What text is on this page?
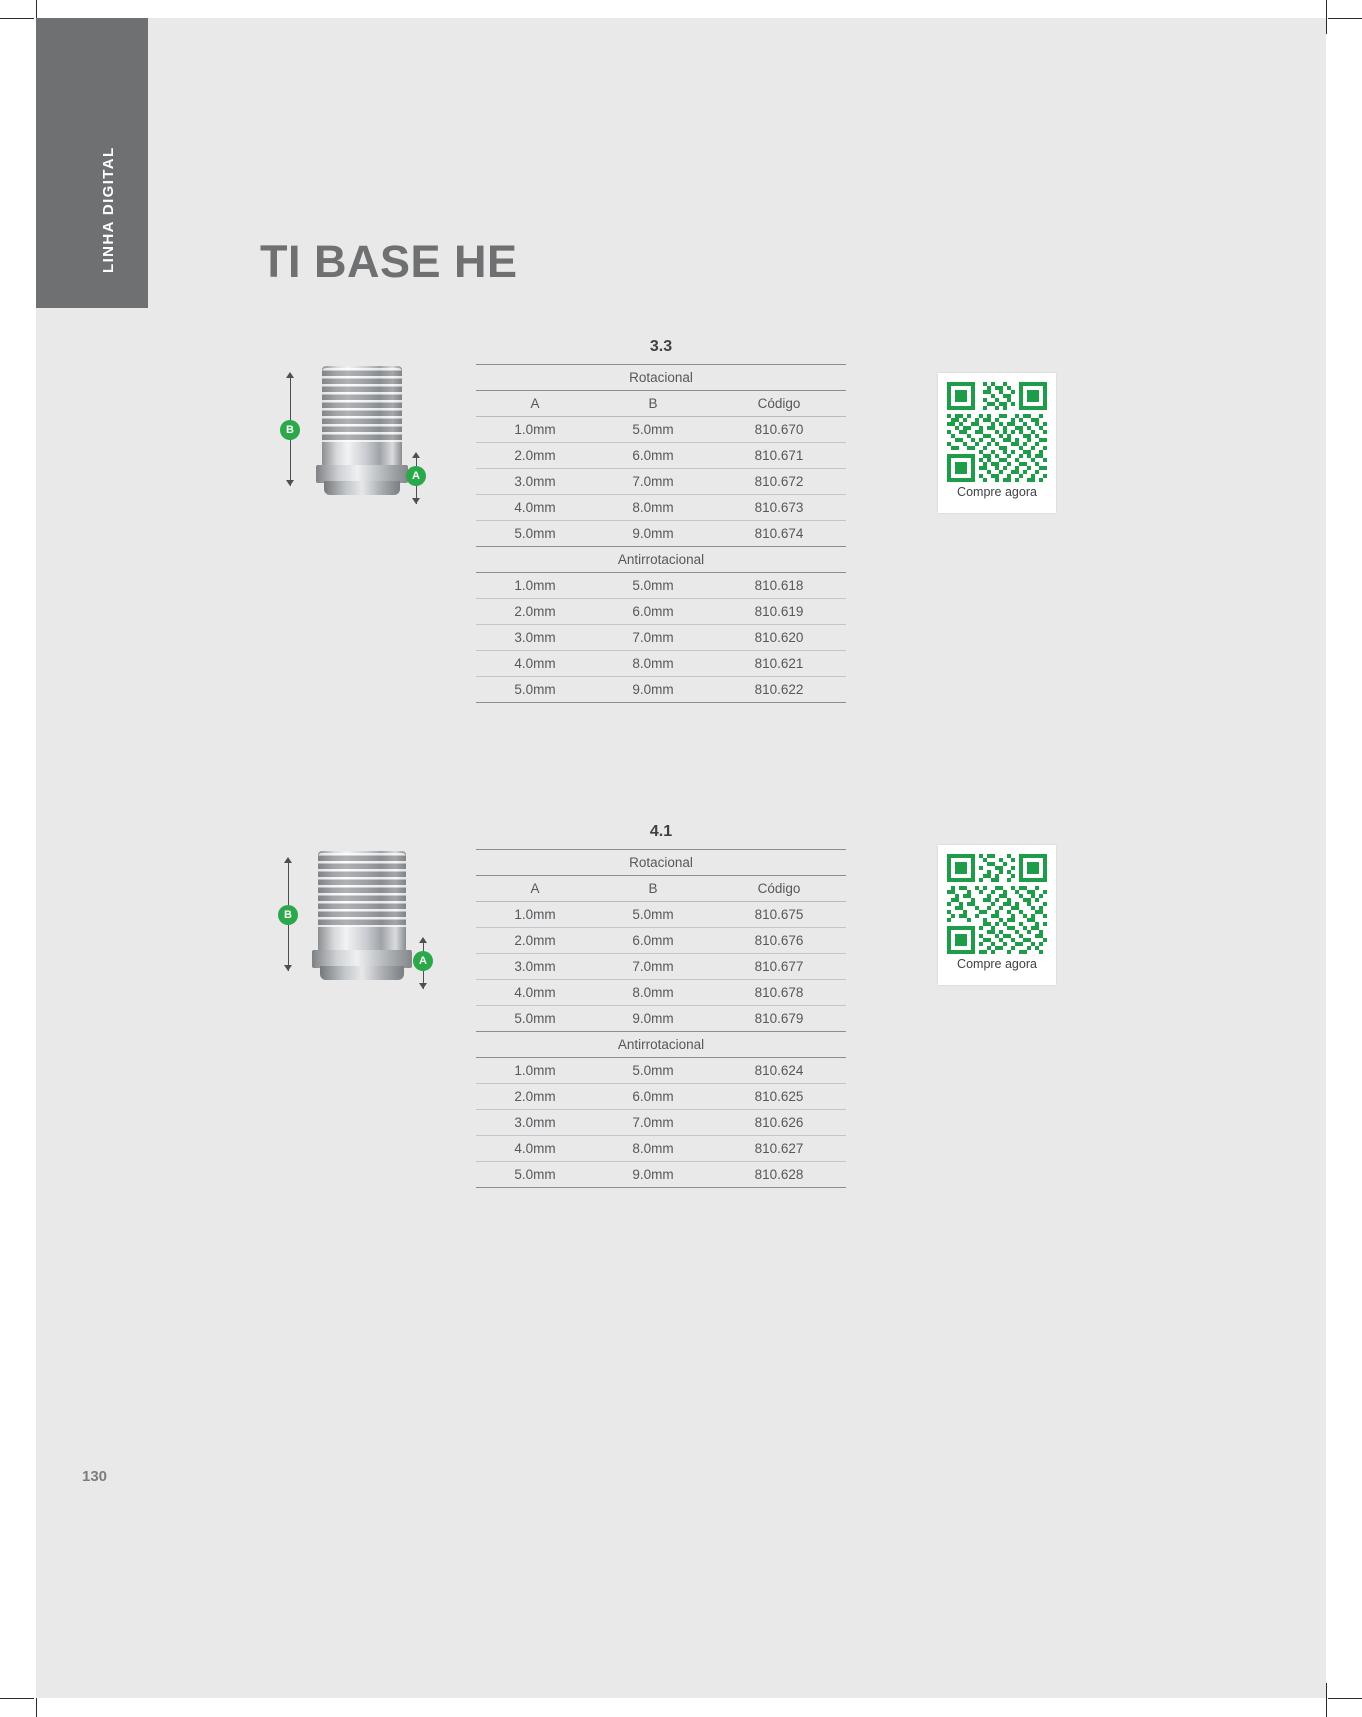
LINHA DIGITAL	TI BASE HE
B
A
3.3
Rotacional		
A	B	Código
1.0mm	5.0mm	810.670
2.0mm	6.0mm	810.671
3.0mm	7.0mm	810.672
4.0mm	8.0mm	810.673
5.0mm	9.0mm	810.674
Antirrotacional		
1.0mm	5.0mm	810.618
2.0mm	6.0mm	810.619
3.0mm	7.0mm	810.620
4.0mm	8.0mm	810.621
5.0mm	9.0mm	810.622
Compre agora
B
A
4.1
Rotacional		
A	B	Código
1.0mm	5.0mm	810.675
2.0mm	6.0mm	810.676
3.0mm	7.0mm	810.677
4.0mm	8.0mm	810.678
5.0mm	9.0mm	810.679
Antirrotacional		
1.0mm	5.0mm	810.624
2.0mm	6.0mm	810.625
3.0mm	7.0mm	810.626
4.0mm	8.0mm	810.627
5.0mm	9.0mm	810.628
Compre agora
130
